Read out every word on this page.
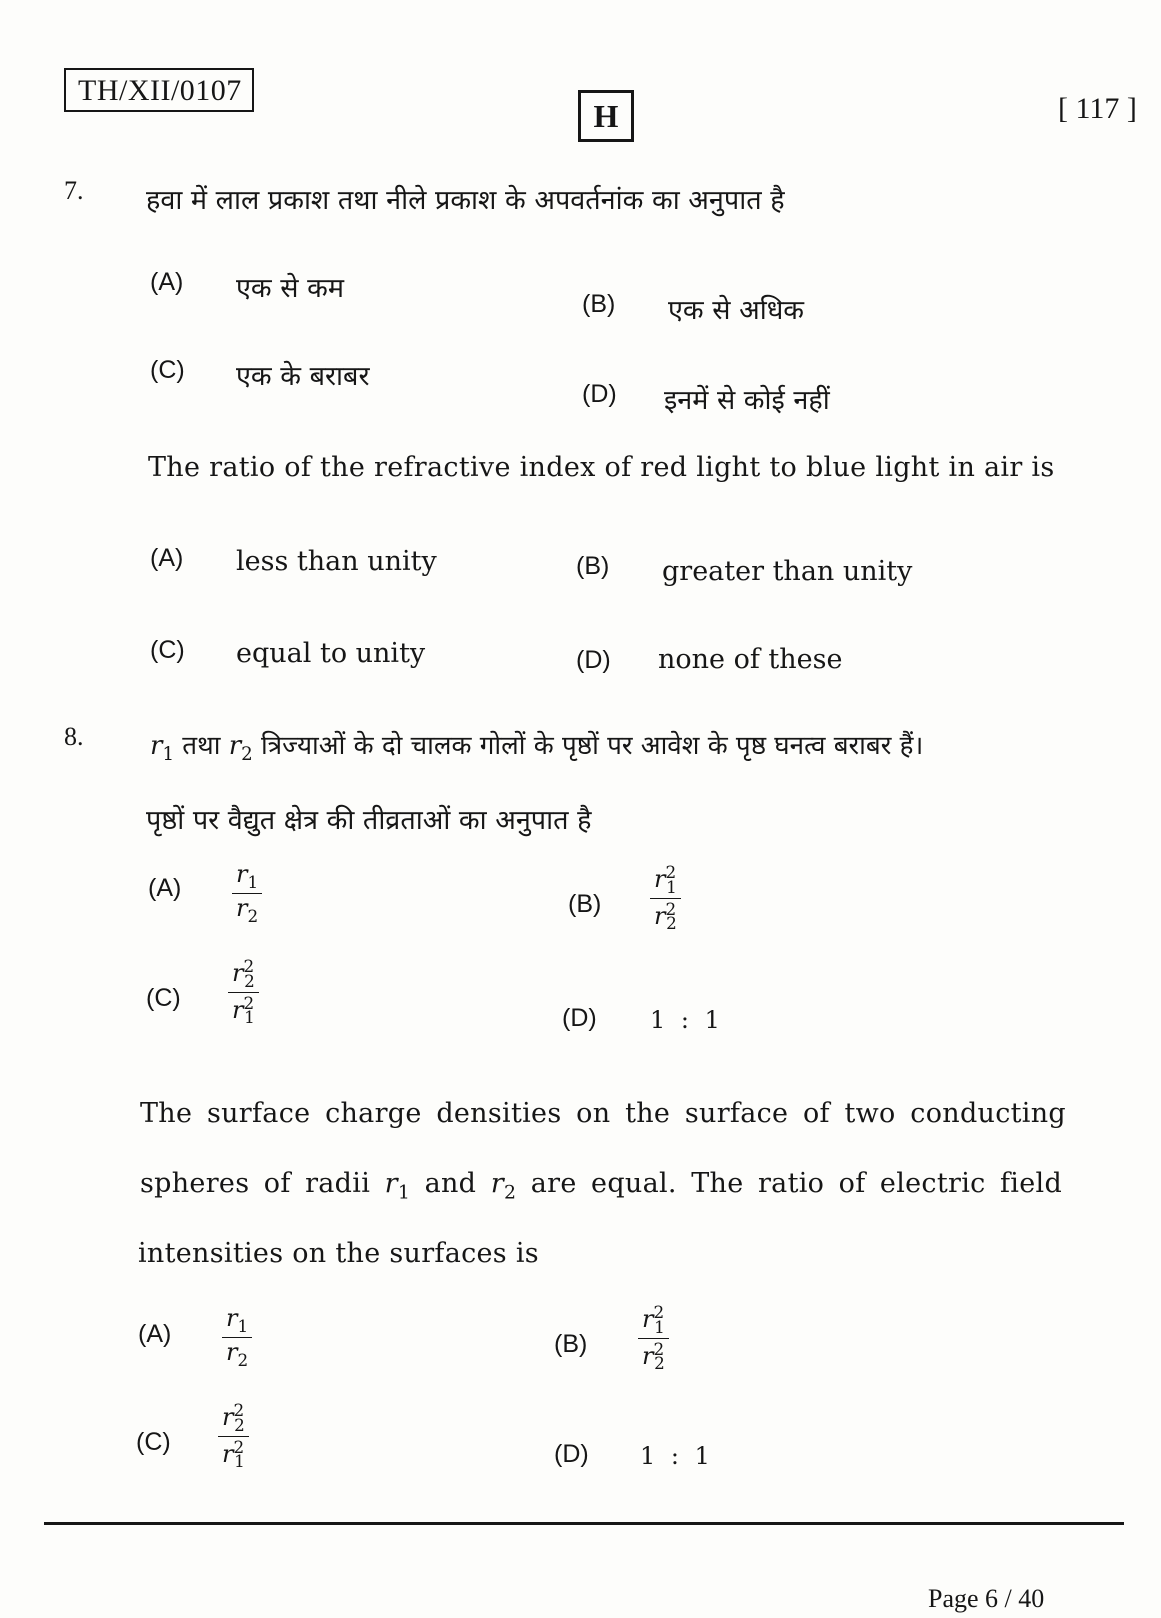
TH/XII/0107
H	[ 117 ]
7. हवा में लाल प्रकाश तथा नीले प्रकाश के अपवर्तनांक का अनुपात है
(A) एक से कम	(B) एक से अधिक
(C) एक के बराबर
(D) इनमें से कोई नहीं
The ratio of the refractive index of red light to blue light in air is
(A) less than unity	(B) greater than unity
(C) equal to unity	(D) none of these
8.	$r_1$ तथा $r_2$ त्रिज्याओं के दो चालक गोलों के पृष्ठों पर आवेश के पृष्ठ घनत्व बराबर हैं।
पृष्ठों पर वैद्युत क्षेत्र की तीव्रताओं का अनुपात है
$(A) \frac{r_1}{r_2}$	$(B) \frac{r^2_1}{r^2_2}$
$(C) \frac{r^2_2}{r^2_1}$	(D) 1 : 1
The surface charge densities on the surface of two conducting
spheres of radii $r_1$ and $r_2$ are equal. The ratio of electric field
intensities on the surfaces is
$(A) \frac{r_1}{r_2}$	$(B) \frac{r^2_1}{r^2_2}$
$(C) \frac{r^2_2}{r^2_1}$	(D) 1 : 1
Page 6 / 40
